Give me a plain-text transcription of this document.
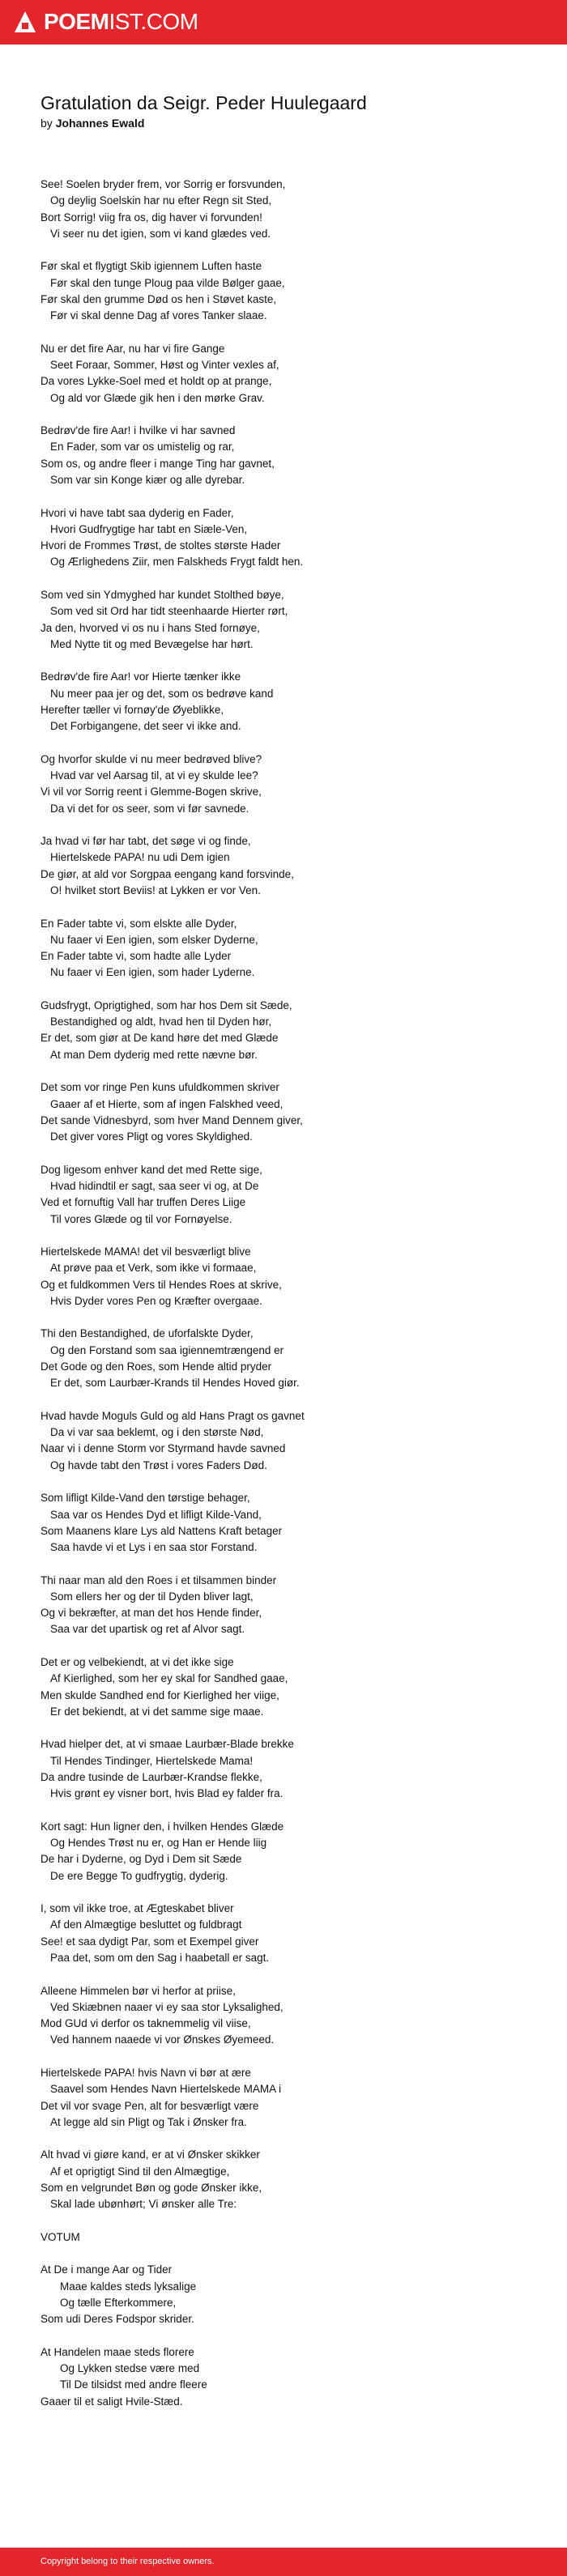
POEMIST.COM
Gratulation da Seigr. Peder Huulegaard
by Johannes Ewald
See! Soelen bryder frem, vor Sorrig er forsvunden,
Og deylig Soelskin har nu efter Regn sit Sted,
Bort Sorrig! viig fra os, dig haver vi forvunden!
Vi seer nu det igien, som vi kand glædes ved.
Før skal et flygtigt Skib igiennem Luften haste
Før skal den tunge Ploug paa vilde Bølger gaae,
Før skal den grumme Død os hen i Støvet kaste,
Før vi skal denne Dag af vores Tanker slaae.
Nu er det fire Aar, nu har vi fire Gange
Seet Foraar, Sommer, Høst og Vinter vexles af,
Da vores Lykke-Soel med et holdt op at prange,
Og ald vor Glæde gik hen i den mørke Grav.
Bedrøv'de fire Aar! i hvilke vi har savned
En Fader, som var os umistelig og rar,
Som os, og andre fleer i mange Ting har gavnet,
Som var sin Konge kiær og alle dyrebar.
Hvori vi have tabt saa dyderig en Fader,
Hvori Gudfrygtige har tabt en Siæle-Ven,
Hvori de Frommes Trøst, de stoltes største Hader
Og Ærlighedens Ziir, men Falskheds Frygt faldt hen.
Som ved sin Ydmyghed har kundet Stolthed bøye,
Som ved sit Ord har tidt steenhaarde Hierter rørt,
Ja den, hvorved vi os nu i hans Sted fornøye,
Med Nytte tit og med Bevægelse har hørt.
Bedrøv'de fire Aar! vor Hierte tænker ikke
Nu meer paa jer og det, som os bedrøve kand
Herefter tæller vi fornøy'de Øyeblikke,
Det Forbigangene, det seer vi ikke and.
Og hvorfor skulde vi nu meer bedrøved blive?
Hvad var vel Aarsag til, at vi ey skulde lee?
Vi vil vor Sorrig reent i Glemme-Bogen skrive,
Da vi det for os seer, som vi før savnede.
Ja hvad vi før har tabt, det søge vi og finde,
Hiertelskede PAPA! nu udi Dem igien
De giør, at ald vor Sorgpaa eengang kand forsvinde,
O! hvilket stort Beviis! at Lykken er vor Ven.
En Fader tabte vi, som elskte alle Dyder,
Nu faaer vi Een igien, som elsker Dyderne,
En Fader tabte vi, som hadte alle Lyder
Nu faaer vi Een igien, som hader Lyderne.
Gudsfrygt, Oprigtighed, som har hos Dem sit Sæde,
Bestandighed og aldt, hvad hen til Dyden hør,
Er det, som giør at De kand høre det med Glæde
At man Dem dyderig med rette nævne bør.
Det som vor ringe Pen kuns ufuldkommen skriver
Gaaer af et Hierte, som af ingen Falskhed veed,
Det sande Vidnesbyrd, som hver Mand Dennem giver,
Det giver vores Pligt og vores Skyldighed.
Dog ligesom enhver kand det med Rette sige,
Hvad hidindtil er sagt, saa seer vi og, at De
Ved et fornuftig Vall har truffen Deres Liige
Til vores Glæde og til vor Fornøyelse.
Hiertelskede MAMA! det vil besværligt blive
At prøve paa et Verk, som ikke vi formaae,
Og et fuldkommen Vers til Hendes Roes at skrive,
Hvis Dyder vores Pen og Kræfter overgaae.
Thi den Bestandighed, de uforfalskte Dyder,
Og den Forstand som saa igiennemtrængend er
Det Gode og den Roes, som Hende altid pryder
Er det, som Laurbær-Krands til Hendes Hoved giør.
Hvad havde Moguls Guld og ald Hans Pragt os gavnet
Da vi var saa beklemt, og i den største Nød,
Naar vi i denne Storm vor Styrmand havde savned
Og havde tabt den Trøst i vores Faders Død.
Som lifligt Kilde-Vand den tørstige behager,
Saa var os Hendes Dyd et lifligt Kilde-Vand,
Som Maanens klare Lys ald Nattens Kraft betager
Saa havde vi et Lys i en saa stor Forstand.
Thi naar man ald den Roes i et tilsammen binder
Som ellers her og der til Dyden bliver lagt,
Og vi bekræfter, at man det hos Hende finder,
Saa var det upartisk og ret af Alvor sagt.
Det er og velbekiendt, at vi det ikke sige
Af Kierlighed, som her ey skal for Sandhed gaae,
Men skulde Sandhed end for Kierlighed her viige,
Er det bekiendt, at vi det samme sige maae.
Hvad hielper det, at vi smaae Laurbær-Blade brekke
Til Hendes Tindinger, Hiertelskede Mama!
Da andre tusinde de Laurbær-Krandse flekke,
Hvis grønt ey visner bort, hvis Blad ey falder fra.
Kort sagt: Hun ligner den, i hvilken Hendes Glæde
Og Hendes Trøst nu er, og Han er Hende liig
De har i Dyderne, og Dyd i Dem sit Sæde
De ere Begge To gudfrygtig, dyderig.
I, som vil ikke troe, at Ægteskabet bliver
Af den Almægtige besluttet og fuldbragt
See! et saa dydigt Par, som et Exempel giver
Paa det, som om den Sag i haabetall er sagt.
Alleene Himmelen bør vi herfor at priise,
Ved Skiæbnen naaer vi ey saa stor Lyksalighed,
Mod GUd vi derfor os taknemmelig vil viise,
Ved hannem naaede vi vor Ønskes Øyemeed.
Hiertelskede PAPA! hvis Navn vi bør at ære
Saavel som Hendes Navn Hiertelskede MAMA i
Det vil vor svage Pen, alt for besværligt være
At legge ald sin Pligt og Tak i Ønsker fra.
Alt hvad vi giøre kand, er at vi Ønsker skikker
Af et oprigtigt Sind til den Almægtige,
Som en velgrundet Bøn og gode Ønsker ikke,
Skal lade ubønhørt; Vi ønsker alle Tre:
VOTUM
At De i mange Aar og Tider
Maae kaldes steds lyksalige
Og tælle Efterkommere,
Som udi Deres Fodspor skrider.
At Handelen maae steds florere
Og Lykken stedse være med
Til De tilsidst med andre fleere
Gaaer til et saligt Hvile-Stæd.
Copyright belong to their respective owners.
